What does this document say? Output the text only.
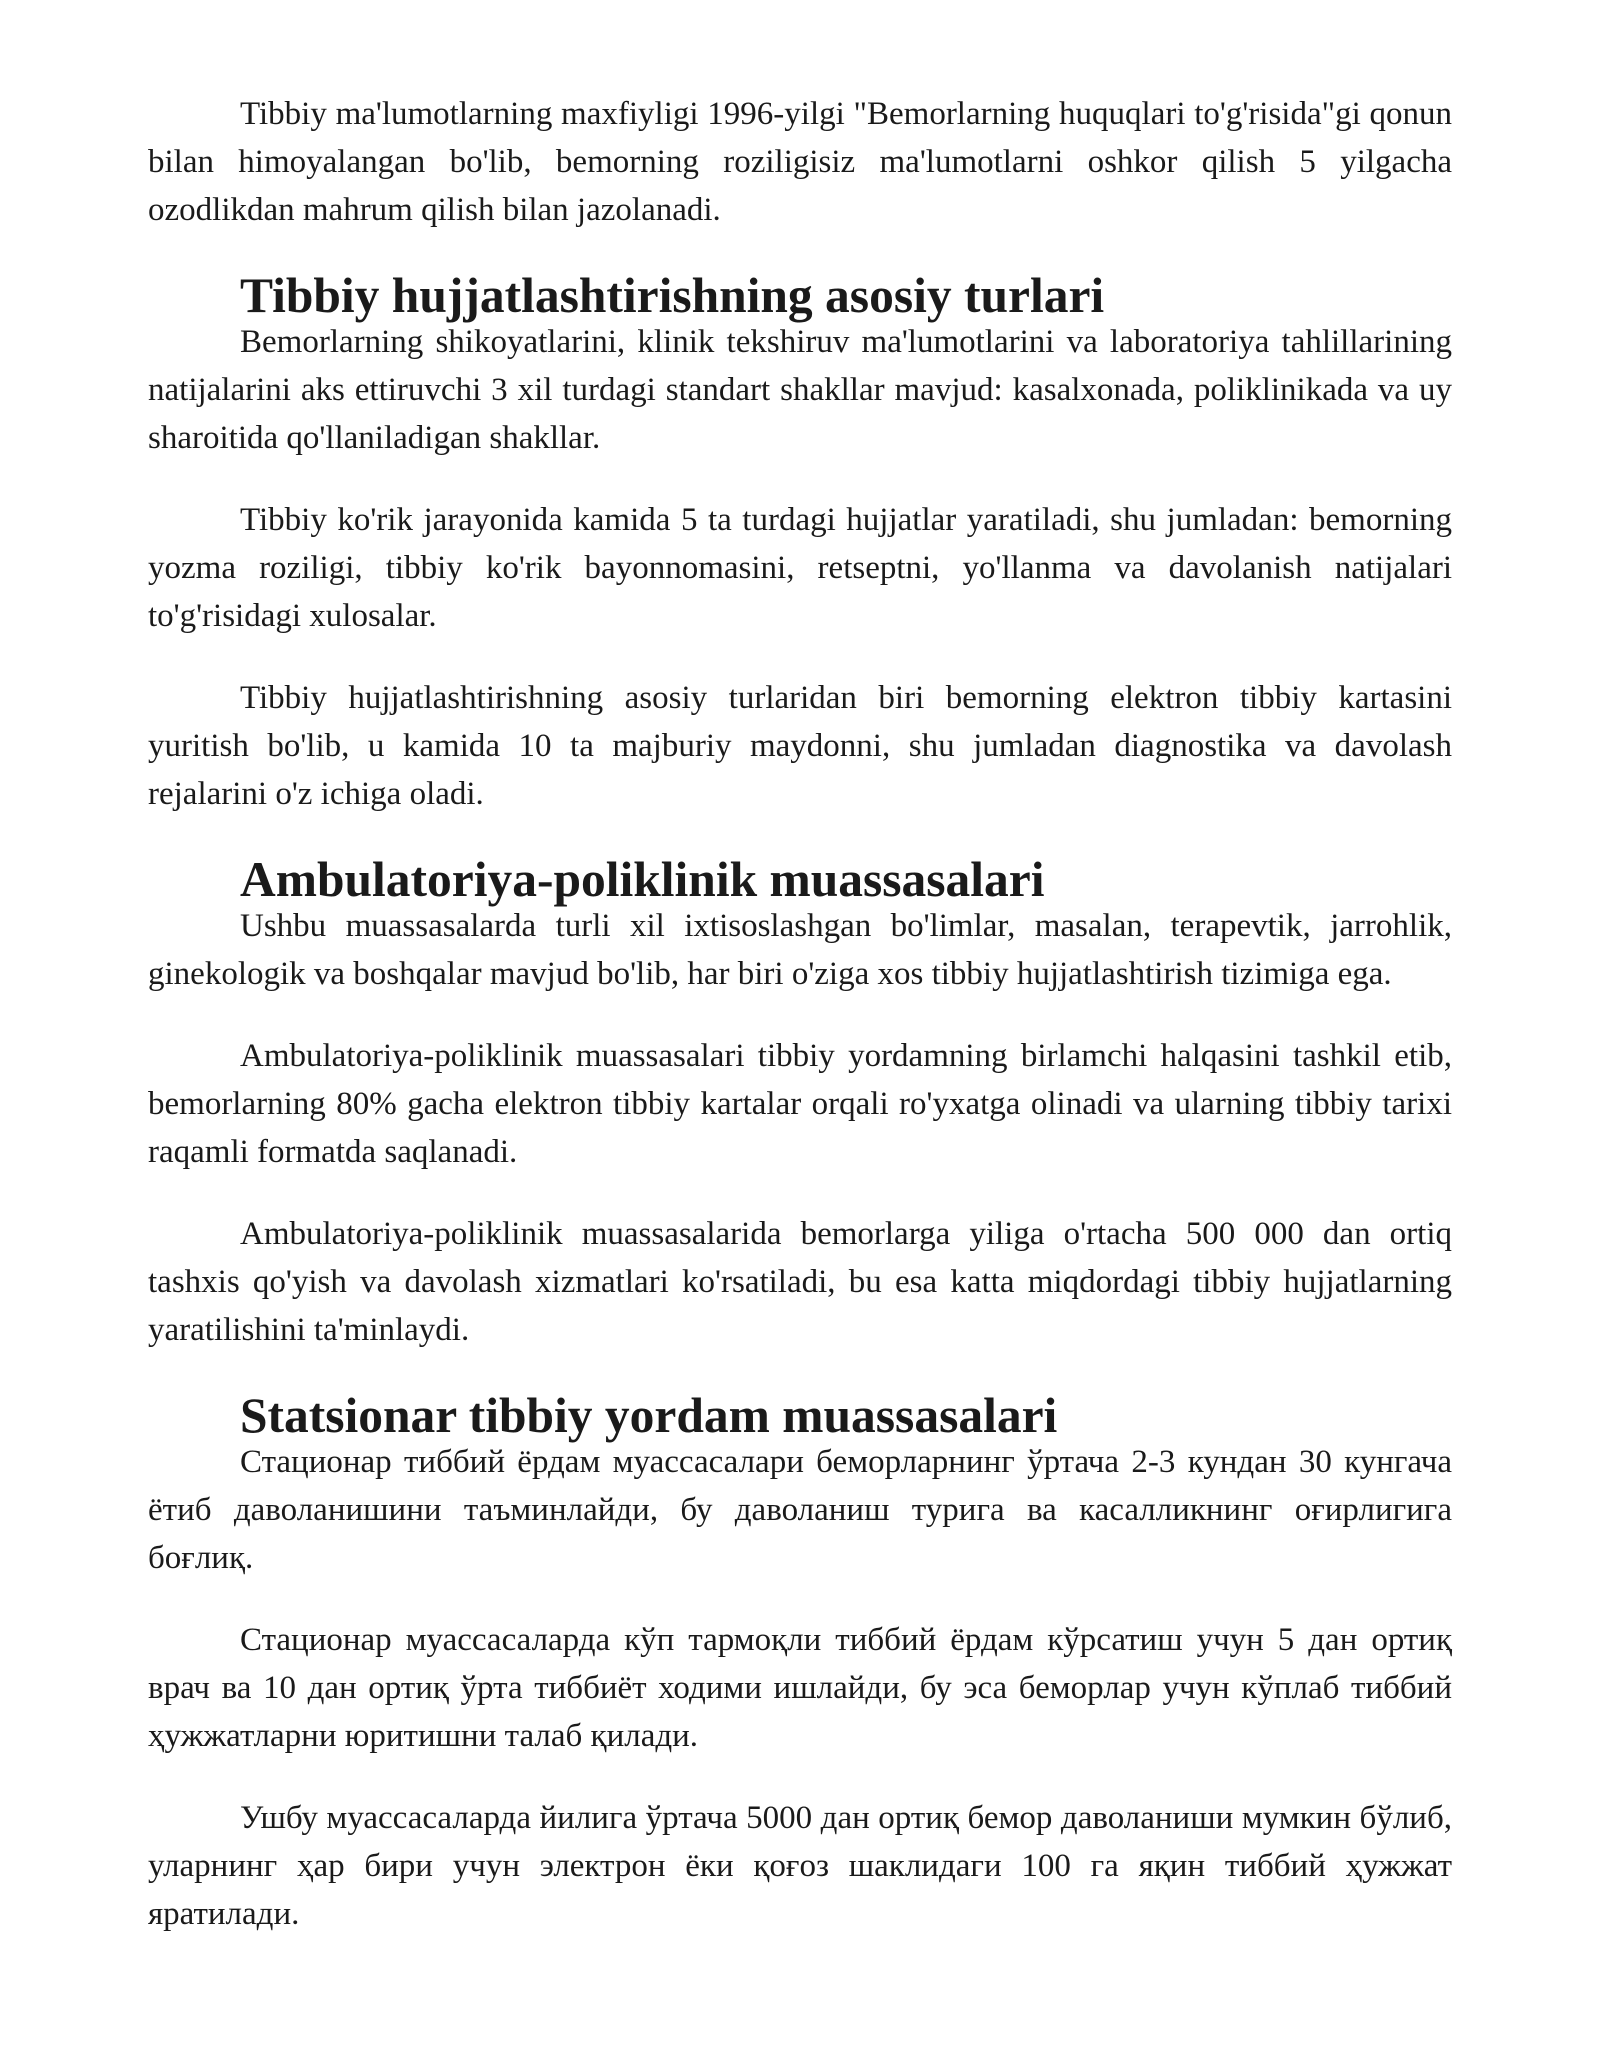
Tibbiy ma'lumotlarning maxfiyligi 1996-yilgi "Bemorlarning huquqlari to'g'risida"gi qonun bilan himoyalangan bo'lib, bemorning roziligisiz ma'lumotlarni oshkor qilish 5 yilgacha ozodlikdan mahrum qilish bilan jazolanadi.

Tibbiy hujjatlashtirishning asosiy turlari

Bemorlarning shikoyatlarini, klinik tekshiruv ma'lumotlarini va laboratoriya tahlillarining natijalarini aks ettiruvchi 3 xil turdagi standart shakllar mavjud: kasalxonada, poliklinikada va uy sharoitida qo'llaniladigan shakllar.

Tibbiy ko'rik jarayonida kamida 5 ta turdagi hujjatlar yaratiladi, shu jumladan: bemorning yozma roziligi, tibbiy ko'rik bayonnomasini, retseptni, yo'llanma va davolanish natijalari to'g'risidagi xulosalar.

Tibbiy hujjatlashtirishning asosiy turlaridan biri bemorning elektron tibbiy kartasini yuritish bo'lib, u kamida 10 ta majburiy maydonni, shu jumladan diagnostika va davolash rejalarini o'z ichiga oladi.

Ambulatoriya-poliklinik muassasalari

Ushbu muassasalarda turli xil ixtisoslashgan bo'limlar, masalan, terapevtik, jarrohlik, ginekologik va boshqalar mavjud bo'lib, har biri o'ziga xos tibbiy hujjatlashtirish tizimiga ega.

Ambulatoriya-poliklinik muassasalari tibbiy yordamning birlamchi halqasini tashkil etib, bemorlarning 80% gacha elektron tibbiy kartalar orqali ro'yxatga olinadi va ularning tibbiy tarixi raqamli formatda saqlanadi.

Ambulatoriya-poliklinik muassasalarida bemorlarga yiliga o'rtacha 500 000 dan ortiq tashxis qo'yish va davolash xizmatlari ko'rsatiladi, bu esa katta miqdordagi tibbiy hujjatlarning yaratilishini ta'minlaydi.

Statsionar tibbiy yordam muassasalari

Стационар тиббий ёрдам муассасалари беморларнинг ўртача 2-3 кундан 30 кунгача ётиб даволанишини таъминлайди, бу даволаниш турига ва касалликнинг оғирлигига боғлиқ.

Стационар муассасаларда кўп тармоқли тиббий ёрдам кўрсатиш учун 5 дан ортиқ врач ва 10 дан ортиқ ўрта тиббиёт ходими ишлайди, бу эса беморлар учун кўплаб тиббий ҳужжатларни юритишни талаб қилади.

Ушбу муассасаларда йилига ўртача 5000 дан ортиқ бемор даволаниши мумкин бўлиб, уларнинг ҳар бири учун электрон ёки қоғоз шаклидаги 100 га яқин тиббий ҳужжат яратилади.
